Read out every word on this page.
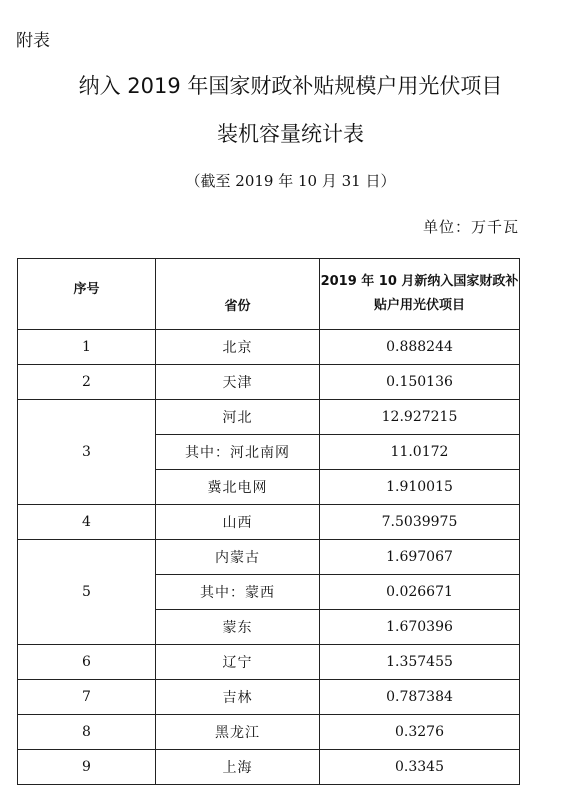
附表
纳入 2019 年国家财政补贴规模户用光伏项目
装机容量统计表
（截至 2019 年 10 月 31 日）
单位：万千瓦
序号	省份	2019 年 10 月新纳入国家财政补贴户用光伏项目
1	北京	0.888244
2	天津	0.150136
3	河北	12.927215
	其中：河北南网	11.0172
	冀北电网	1.910015
4	山西	7.5039975
5	内蒙古	1.697067
	其中：蒙西	0.026671
	蒙东	1.670396
6	辽宁	1.357455
7	吉林	0.787384
8	黑龙江	0.3276
9	上海	0.3345
